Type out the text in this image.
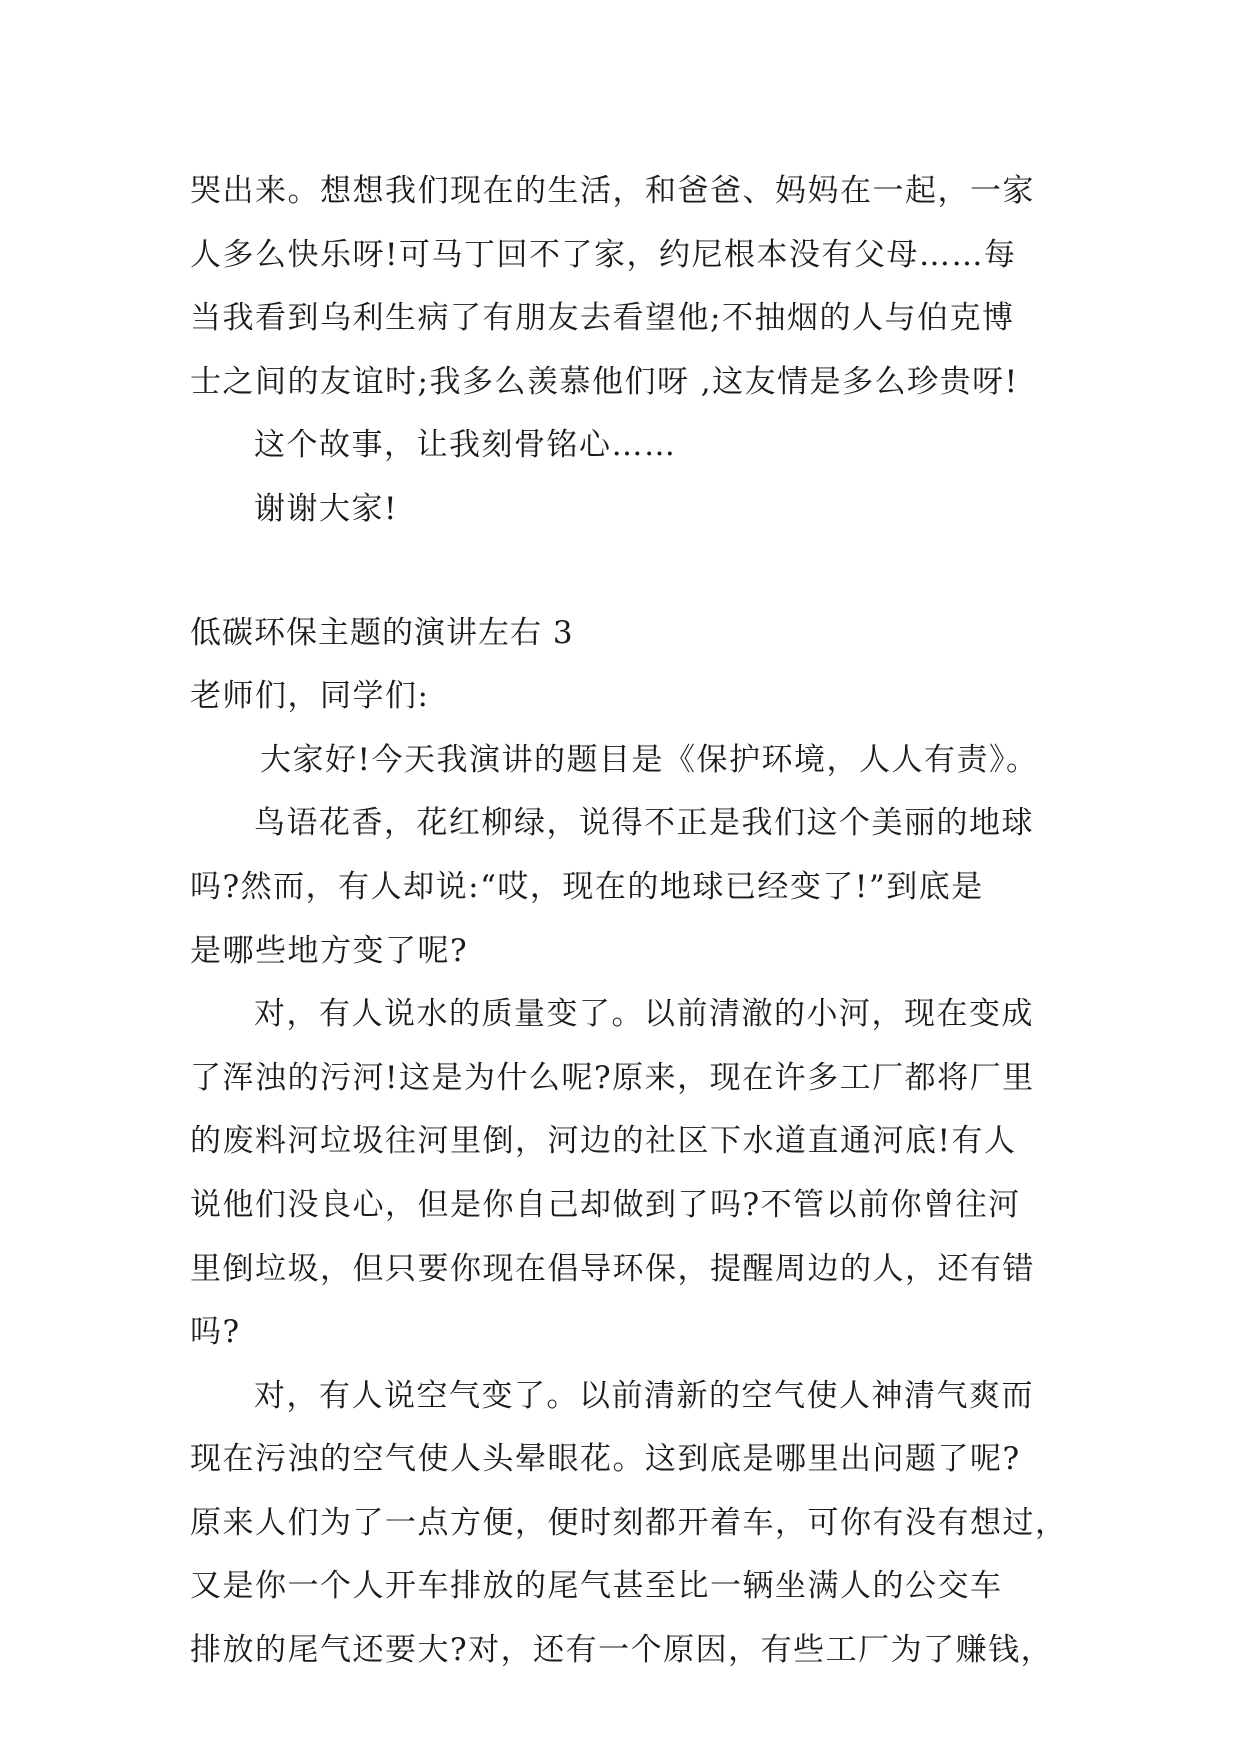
哭出来。想想我们现在的生活，和爸爸、妈妈在一起，一家
人多么快乐呀!可马丁回不了家，约尼根本没有父母……每
当我看到乌利生病了有朋友去看望他;不抽烟的人与伯克博
士之间的友谊时;我多么羡慕他们呀 ,这友情是多么珍贵呀!
这个故事，让我刻骨铭心……
谢谢大家!
低碳环保主题的演讲左右 3
老师们，同学们:
大家好!今天我演讲的题目是《保护环境，人人有责》。
鸟语花香，花红柳绿，说得不正是我们这个美丽的地球
吗?然而，有人却说:“哎，现在的地球已经变了!”到底是
是哪些地方变了呢?
对，有人说水的质量变了。以前清澈的小河，现在变成
了浑浊的污河!这是为什么呢?原来，现在许多工厂都将厂里
的废料河垃圾往河里倒，河边的社区下水道直通河底!有人
说他们没良心，但是你自己却做到了吗?不管以前你曾往河
里倒垃圾，但只要你现在倡导环保，提醒周边的人，还有错
吗?
对，有人说空气变了。以前清新的空气使人神清气爽而
现在污浊的空气使人头晕眼花。这到底是哪里出问题了呢?
原来人们为了一点方便，便时刻都开着车，可你有没有想过，
又是你一个人开车排放的尾气甚至比一辆坐满人的公交车
排放的尾气还要大?对，还有一个原因，有些工厂为了赚钱，
